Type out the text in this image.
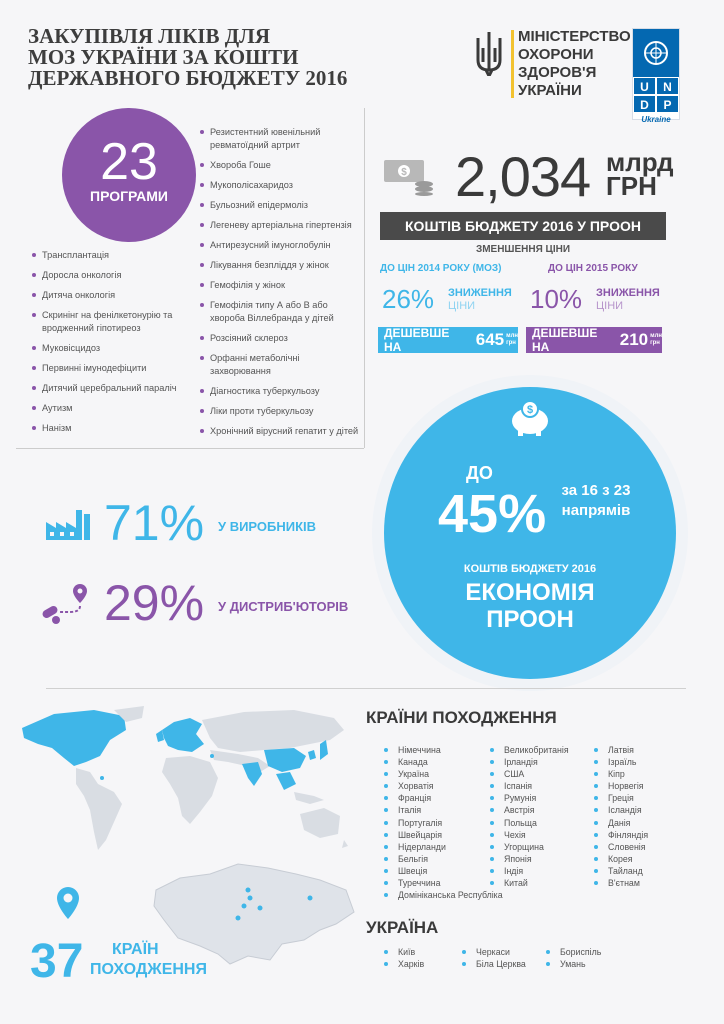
ЗАКУПІВЛЯ ЛІКІВ ДЛЯ
МОЗ УКРАЇНИ ЗА КОШТИ
ДЕРЖАВНОГО БЮДЖЕТУ 2016
МІНІСТЕРСТВО
ОХОРОНИ
ЗДОРОВ'Я
УКРАЇНИ	U	N
D	P
Ukraine
23
ПРОГРАМИ
Трансплантація
Доросла онкологія
Дитяча онкологія
Скринінг на фенілкетонурію та вродженний гіпотиреоз
Муковісцидоз
Первинні імунодефіцити
Дитячий церебральний параліч
Аутизм
Нанізм
Резистентний ювенільний ревматоїдний артрит
Хвороба Гоше
Мукополісахаридоз
Бульозний епідермоліз
Легеневу артеріальна гіпертензія
Антирезусний імуноглобулін
Лікування безпліддя у жінок
Гемофілія у жінок
Гемофілія типу А або В або хвороба Віллебранда у дітей
Розсіяний склероз
Орфанні метаболічні захворювання
Діагностика туберкульозу
Ліки проти туберкульозу
Хронічний вірусний гепатит у дітей
$ 2,034 млрд
ГРН
КОШТІВ БЮДЖЕТУ 2016 У ПРООН
ЗМЕНШЕННЯ ЦІНИ
ДО ЦІН 2014 РОКУ (МОЗ)
26% ЗНИЖЕННЯ
ЦІНИ
ДЕШЕВШЕ НА	645 млн
грн
ДО ЦІН 2015 РОКУ
10% ЗНИЖЕННЯ
ЦІНИ
ДЕШЕВШЕ НА	210 млн
грн
$
ДО
45%	за 16 з 23
напрямів
КОШТІВ БЮДЖЕТУ 2016
ЕКОНОМІЯ
ПРООН
71% У ВИРОБНИКІВ
29% У ДИСТРИБ'ЮТОРІВ
37	КРАЇН
ПОХОДЖЕННЯ
КРАЇНИ ПОХОДЖЕННЯ
Німеччина
Канада
Україна
Хорватія
Франція
Італія
Португалія
Швейцарія
Нідерланди
Бельгія
Швеція
Туреччина
Домініканська Республіка
Великобританія
Ірландія
США
Іспанія
Румунія
Австрія
Польща
Чехія
Угорщина
Японія
Індія
Китай
Латвія
Ізраїль
Кіпр
Норвегія
Греція
Ісландія
Данія
Фінляндія
Словенія
Корея
Тайланд
В'єтнам
УКРАЇНА
Київ
Харків
Черкаси
Біла Церква
Бориспіль
Умань
